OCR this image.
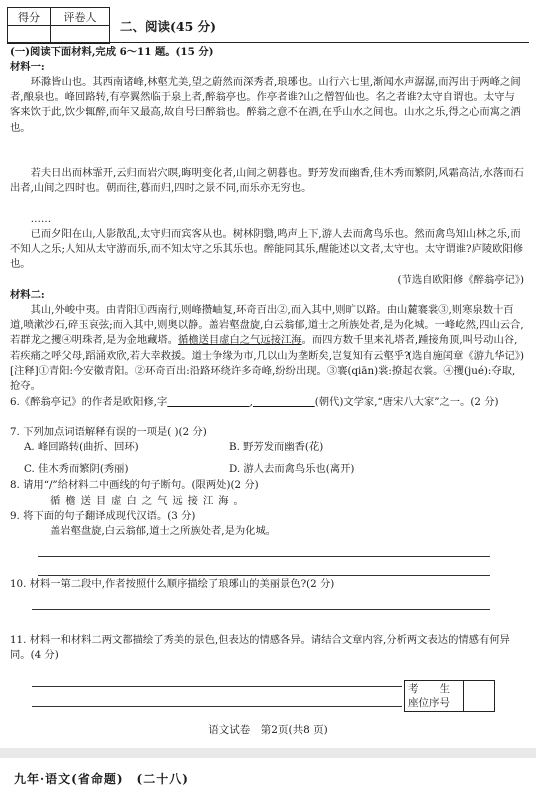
得分	评卷人

二、阅读(45 分)
(一)阅读下面材料,完成 6～11 题。(15 分)
材料一:
环滁皆山也。其西南诸峰,林壑尤美,望之蔚然而深秀者,琅琊也。山行六七里,渐闻水声潺潺,而泻出于两峰之间者,酿泉也。峰回路转,有亭翼然临于泉上者,醉翁亭也。作亭者谁?山之僧智仙也。名之者谁?太守自谓也。太守与客来饮于此,饮少辄醉,而年又最高,故自号曰醉翁也。醉翁之意不在酒,在乎山水之间也。山水之乐,得之心而寓之酒也。
若夫日出而林霏开,云归而岩穴暝,晦明变化者,山间之朝暮也。野芳发而幽香,佳木秀而繁阴,风霜高洁,水落而石出者,山间之四时也。朝而往,暮而归,四时之景不同,而乐亦无穷也。
……
已而夕阳在山,人影散乱,太守归而宾客从也。树林阴翳,鸣声上下,游人去而禽鸟乐也。然而禽鸟知山林之乐,而不知人之乐;人知从太守游而乐,而不知太守之乐其乐也。醉能同其乐,醒能述以文者,太守也。太守谓谁?庐陵欧阳修也。
(节选自欧阳修《醉翁亭记》)
材料二:
其山,外峻中夷。由青阳①西南行,则峰攒岫复,环奇百出②,而入其中,则旷以路。由山麓褰裳③,则寒泉数十百道,喷漱沙石,碎玉哀弦;而入其中,则奥以静。盖岩壑盘旋,白云翁郁,道士之所族处者,是为化城。一峰屹然,四山云合,若群龙之攫④明珠者,是为金地藏塔。循檐送目虚白之气远接江海。而四方数千里来礼塔者,踵接角顶,叫号动山谷,若疾痛之呼父母,蹈涌欢欣,若大幸救援。道士争缘为市,几以山为垄断矣,岂复知有云壑乎?
(选自施闰章《游九华记》)
[注释]①青阳:今安徽青阳。②环奇百出:沿路环绕许多奇峰,纷纷出现。③褰(qiān)裳:撩起衣裳。④攫(jué):夺取,抢夺。
6.《醉翁亭记》的作者是欧阳修,字　　　　　　　　	,　　　　　　	(朝代)文学家,“唐宋八大家”之一。(2 分)
7. 下列加点词语解释有误的一项是( )(2 分)
A. 峰回路转(曲折、回环)	B. 野芳发而幽香(花)
C. 佳木秀而繁阴(秀丽)	D. 游人去而禽鸟乐也(离开)
8. 请用“/”给材料二中画线的句子断句。(限两处)(2 分)
循檐送目虚白之气远接江海。
9. 将下面的句子翻译成现代汉语。(3 分)
盖岩壑盘旋,白云翁郁,道士之所族处者,是为化城。
10. 材料一第二段中,作者按照什么顺序描绘了琅琊山的美丽景色?(2 分)
11. 材料一和材料二两文都描绘了秀美的景色,但表达的情感各异。请结合文章内容,分析两文表达的情感有何异同。(4 分)
考　　生
座位序号

语文试卷　第2页(共8 页)
九年·语文(省命题)　(二十八)
